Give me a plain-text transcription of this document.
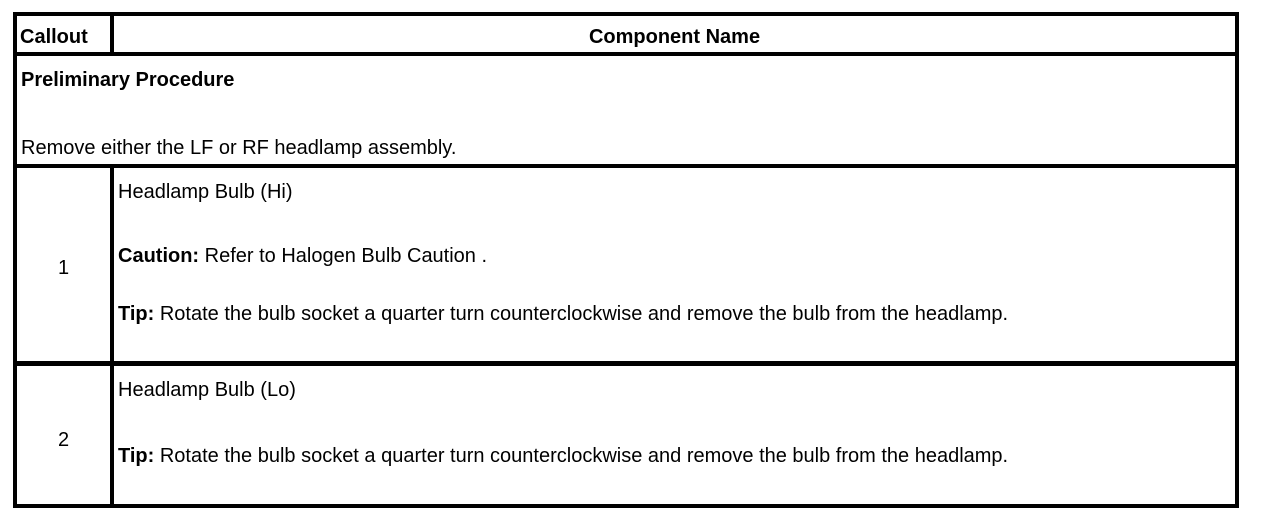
Callout	Component Name
Preliminary Procedure
Remove either the LF or RF headlamp assembly.
1
Headlamp Bulb (Hi)
Caution: Refer to Halogen Bulb Caution .
Tip: Rotate the bulb socket a quarter turn counterclockwise and remove the bulb from the headlamp.
2
Headlamp Bulb (Lo)
Tip: Rotate the bulb socket a quarter turn counterclockwise and remove the bulb from the headlamp.
